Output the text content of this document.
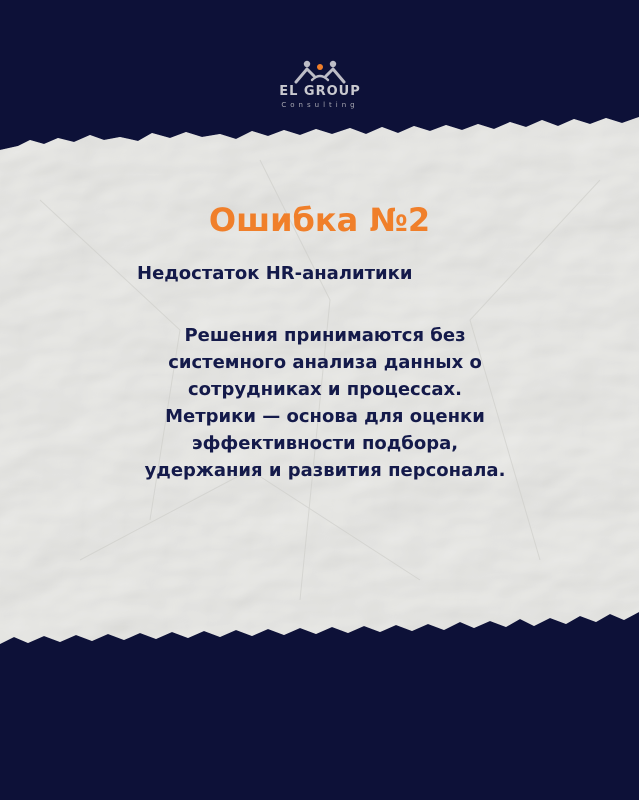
EL GROUP
Consulting
Ошибка №2
Недостаток HR-аналитики
Решения принимаются без
системного анализа данных о
сотрудниках и процессах.
Метрики — основа для оценки
эффективности подбора,
удержания и развития персонала.
